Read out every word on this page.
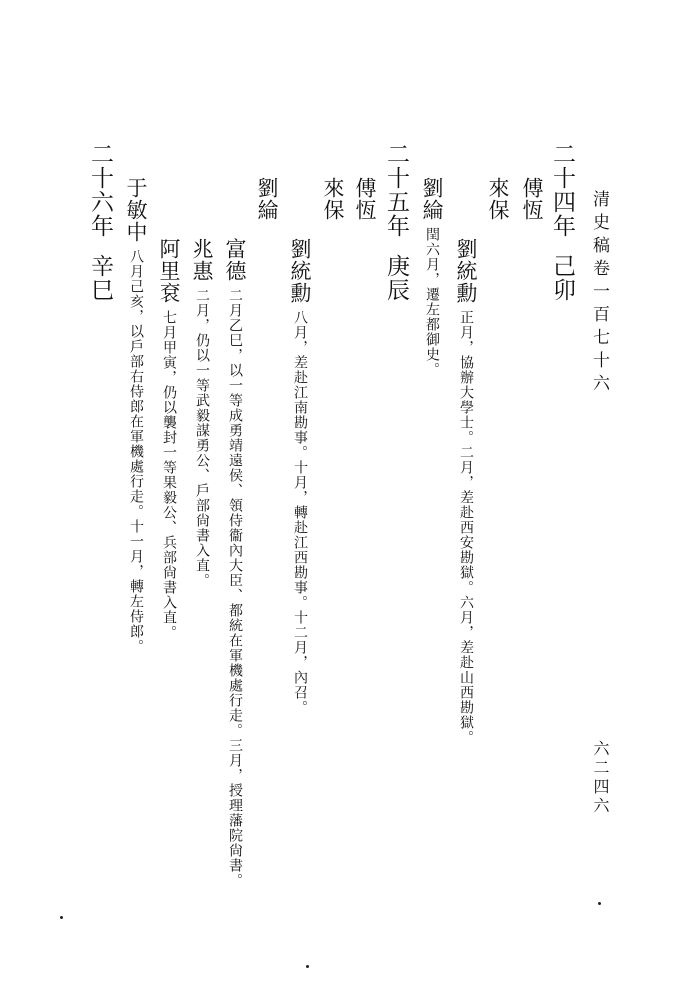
清史稿卷一百七十六
六二四六
二十四年己卯
傅恆
來保
劉統勳正月，協辦大學士。二月，差赴西安勘獄。六月，差赴山西勘獄。
劉綸閏六月，遷左都御史。
二十五年庚辰
傅恆
來保
劉統勳八月，差赴江南勘事。十月，轉赴江西勘事。十二月，內召。
劉綸
富德二月乙巳，以一等成勇靖遠侯、領侍衞內大臣、都統在軍機處行走。三月，授理藩院尙書。
兆惠二月，仍以一等武毅謀勇公、戶部尙書入直。
阿里袞七月甲寅，仍以襲封一等果毅公、兵部尙書入直。
于敏中八月己亥，以戶部右侍郎在軍機處行走。十一月，轉左侍郎。
二十六年辛巳
